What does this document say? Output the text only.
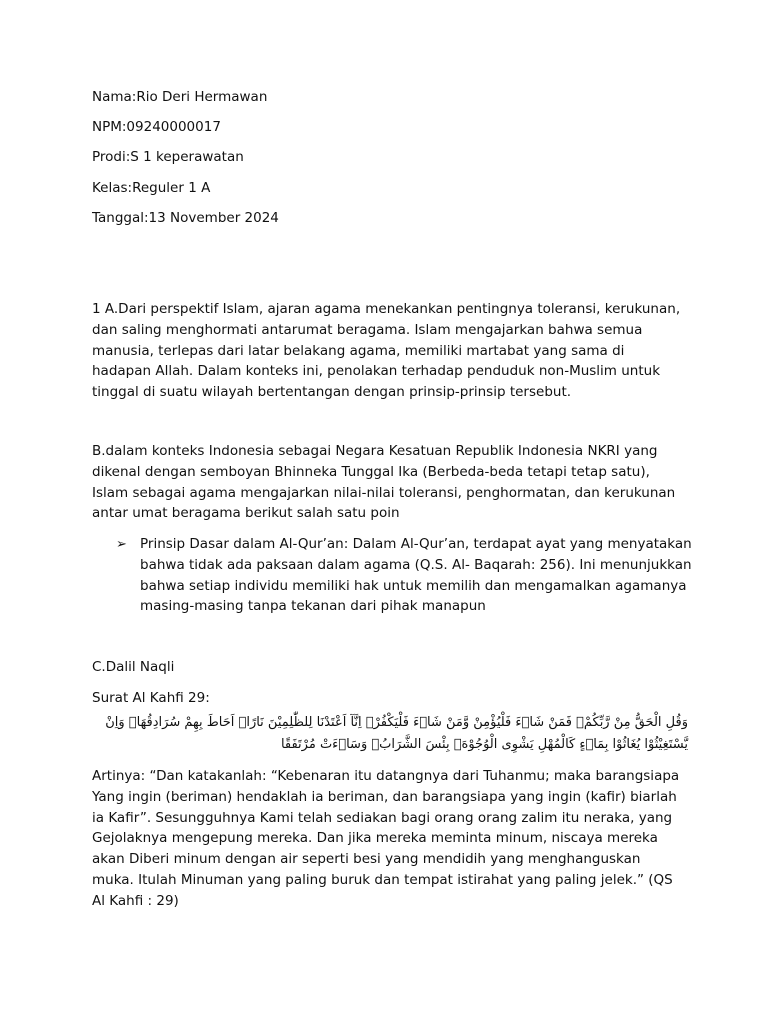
Nama:Rio Deri Hermawan
NPM:09240000017
Prodi:S 1 keperawatan
Kelas:Reguler 1 A
Tanggal:13 November 2024
1 A.Dari perspektif Islam, ajaran agama menekankan pentingnya toleransi, kerukunan, dan saling menghormati antarumat beragama. Islam mengajarkan bahwa semua manusia, terlepas dari latar belakang agama, memiliki martabat yang sama di hadapan Allah. Dalam konteks ini, penolakan terhadap penduduk non-Muslim untuk tinggal di suatu wilayah bertentangan dengan prinsip-prinsip tersebut.
B.dalam konteks Indonesia sebagai Negara Kesatuan Republik Indonesia NKRI yang dikenal dengan semboyan Bhinneka Tunggal Ika (Berbeda-beda tetapi tetap satu), Islam sebagai agama mengajarkan nilai-nilai toleransi, penghormatan, dan kerukunan antar umat beragama berikut salah satu poin
➢ Prinsip Dasar dalam Al-Qur’an: Dalam Al-Qur’an, terdapat ayat yang menyatakan bahwa tidak ada paksaan dalam agama (Q.S. Al- Baqarah: 256). Ini menunjukkan bahwa setiap individu memiliki hak untuk memilih dan mengamalkan agamanya masing-masing tanpa tekanan dari pihak manapun
C.Dalil Naqli
Surat Al Kahfi 29:
وَقُلِ الْحَقُّ مِنْ رَّبِّكُمْۗ فَمَنْ شَاۤءَ فَلْيُؤْمِنْ وَّمَنْ شَاۤءَ فَلْيَكْفُرْۚ اِنَّآ اَعْتَدْنَا لِلظّٰلِمِيْنَ نَارًاۙ اَحَاطَ بِهِمْ سُرَادِقُهَاۗ وَاِنْ يَّسْتَغِيْثُوْا يُغَاثُوْا بِمَاۤءٍ كَالْمُهْلِ يَشْوِى الْوُجُوْهَۗ بِئْسَ الشَّرَابُۗ وَسَاۤءَتْ مُرْتَفَقًا
Artinya: “Dan katakanlah: “Kebenaran itu datangnya dari Tuhanmu; maka barangsiapa Yang ingin (beriman) hendaklah ia beriman, dan barangsiapa yang ingin (kafir) biarlah ia Kafir”. Sesungguhnya Kami telah sediakan bagi orang orang zalim itu neraka, yang Gejolaknya mengepung mereka. Dan jika mereka meminta minum, niscaya mereka akan Diberi minum dengan air seperti besi yang mendidih yang menghanguskan muka. Itulah Minuman yang paling buruk dan tempat istirahat yang paling jelek.” (QS Al Kahfi : 29)
